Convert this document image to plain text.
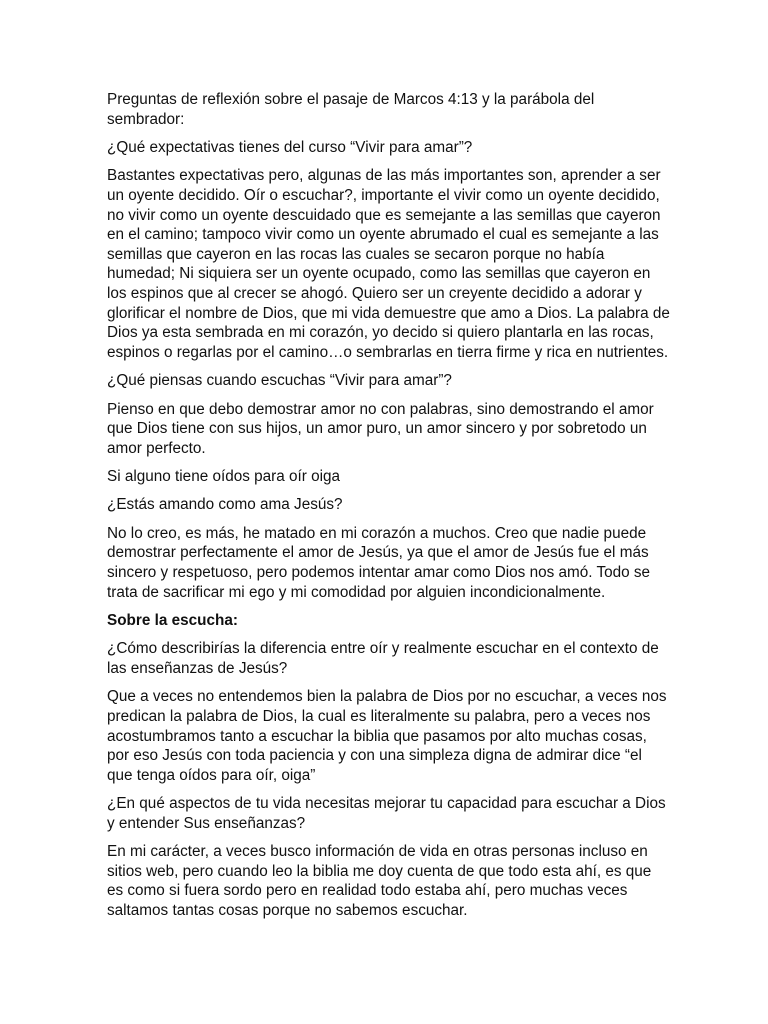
Preguntas de reflexión sobre el pasaje de Marcos 4:13 y la parábola del
sembrador:

¿Qué expectativas tienes del curso “Vivir para amar”?

Bastantes expectativas pero, algunas de las más importantes son, aprender a ser
un oyente decidido. Oír o escuchar?, importante el vivir como un oyente decidido,
no vivir como un oyente descuidado que es semejante a las semillas que cayeron
en el camino; tampoco vivir como un oyente abrumado el cual es semejante a las
semillas que cayeron en las rocas las cuales se secaron porque no había
humedad; Ni siquiera ser un oyente ocupado, como las semillas que cayeron en
los espinos que al crecer se ahogó. Quiero ser un creyente decidido a adorar y
glorificar el nombre de Dios, que mi vida demuestre que amo a Dios. La palabra de
Dios ya esta sembrada en mi corazón, yo decido si quiero plantarla en las rocas,
espinos o regarlas por el camino…o sembrarlas en tierra firme y rica en nutrientes.

¿Qué piensas cuando escuchas “Vivir para amar”?

Pienso en que debo demostrar amor no con palabras, sino demostrando el amor
que Dios tiene con sus hijos, un amor puro, un amor sincero y por sobretodo un
amor perfecto.

Si alguno tiene oídos para oír oiga

¿Estás amando como ama Jesús?

No lo creo, es más, he matado en mi corazón a muchos. Creo que nadie puede
demostrar perfectamente el amor de Jesús, ya que el amor de Jesús fue el más
sincero y respetuoso, pero podemos intentar amar como Dios nos amó. Todo se
trata de sacrificar mi ego y mi comodidad por alguien incondicionalmente.

Sobre la escucha:

¿Cómo describirías la diferencia entre oír y realmente escuchar en el contexto de
las enseñanzas de Jesús?

Que a veces no entendemos bien la palabra de Dios por no escuchar, a veces nos
predican la palabra de Dios, la cual es literalmente su palabra, pero a veces nos
acostumbramos tanto a escuchar la biblia que pasamos por alto muchas cosas,
por eso Jesús con toda paciencia y con una simpleza digna de admirar dice “el
que tenga oídos para oír, oiga”

¿En qué aspectos de tu vida necesitas mejorar tu capacidad para escuchar a Dios
y entender Sus enseñanzas?

En mi carácter, a veces busco información de vida en otras personas incluso en
sitios web, pero cuando leo la biblia me doy cuenta de que todo esta ahí, es que
es como si fuera sordo pero en realidad todo estaba ahí, pero muchas veces
saltamos tantas cosas porque no sabemos escuchar.
